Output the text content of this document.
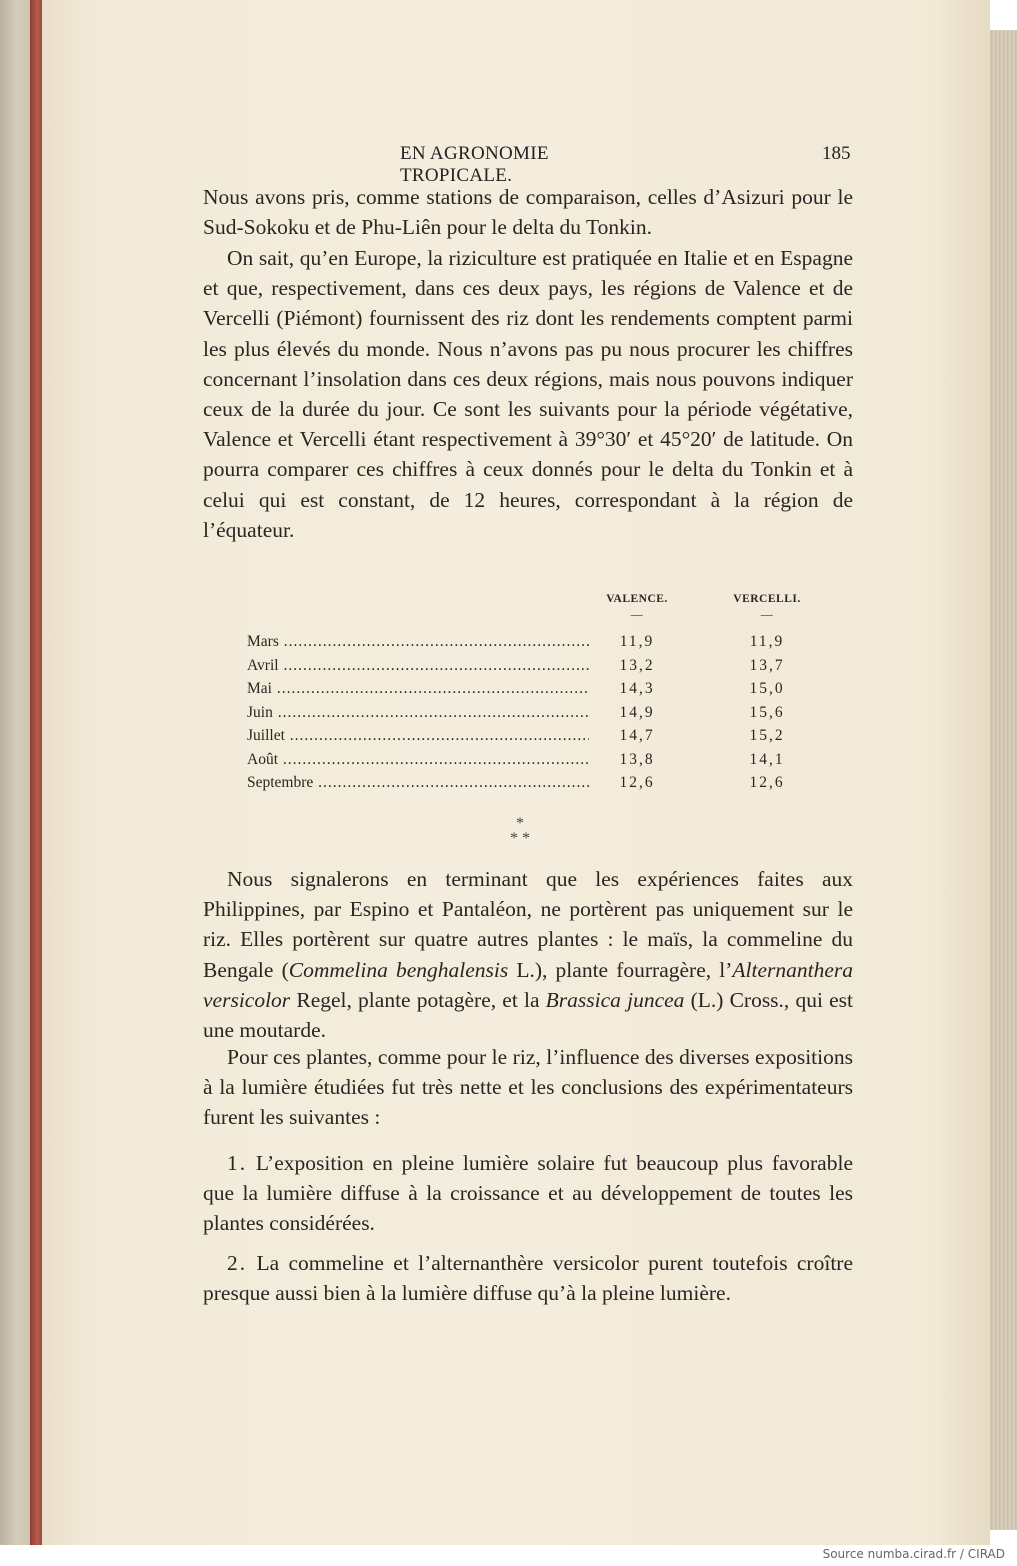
EN AGRONOMIE TROPICALE.
185

Nous avons pris, comme stations de comparaison, celles d’Asizuri pour le Sud-Sokoku et de Phu-Liên pour le delta du Tonkin.

On sait, qu’en Europe, la riziculture est pratiquée en Italie et en Espagne et que, respectivement, dans ces deux pays, les régions de Valence et de Vercelli (Piémont) fournissent des riz dont les rendements comptent parmi les plus élevés du monde. Nous n’avons pas pu nous procurer les chiffres concernant l’insolation dans ces deux régions, mais nous pouvons indiquer ceux de la durée du jour. Ce sont les suivants pour la période végétative, Valence et Vercelli étant respectivement à 39°30′ et 45°20′ de latitude. On pourra comparer ces chiffres à ceux donnés pour le delta du Tonkin et à celui qui est constant, de 12 heures, correspondant à la région de l’équateur.

VALENCE.
—
VERCELLI.
—
Mars .....	11,9	11,9
Avril .....	13,2	13,7
Mai .....	14,3	15,0
Juin .....	14,9	15,6
Juillet .....	14,7	15,2
Août .....	13,8	14,1
Septembre .....	12,6	12,6
*
* *

Nous signalerons en terminant que les expériences faites aux Philippines, par Espino et Pantaléon, ne portèrent pas uniquement sur le riz. Elles portèrent sur quatre autres plantes : le maïs, la commeline du Bengale (Commelina benghalensis L.), plante fourragère, l’Alternanthera versicolor Regel, plante potagère, et la Brassica juncea (L.) Cross., qui est une moutarde.

Pour ces plantes, comme pour le riz, l’influence des diverses expositions à la lumière étudiées fut très nette et les conclusions des expérimentateurs furent les suivantes :

1. L’exposition en pleine lumière solaire fut beaucoup plus favorable que la lumière diffuse à la croissance et au développement de toutes les plantes considérées.

2. La commeline et l’alternanthère versicolor purent toutefois croître presque aussi bien à la lumière diffuse qu’à la pleine lumière.

Source numba.cirad.fr / CIRAD
